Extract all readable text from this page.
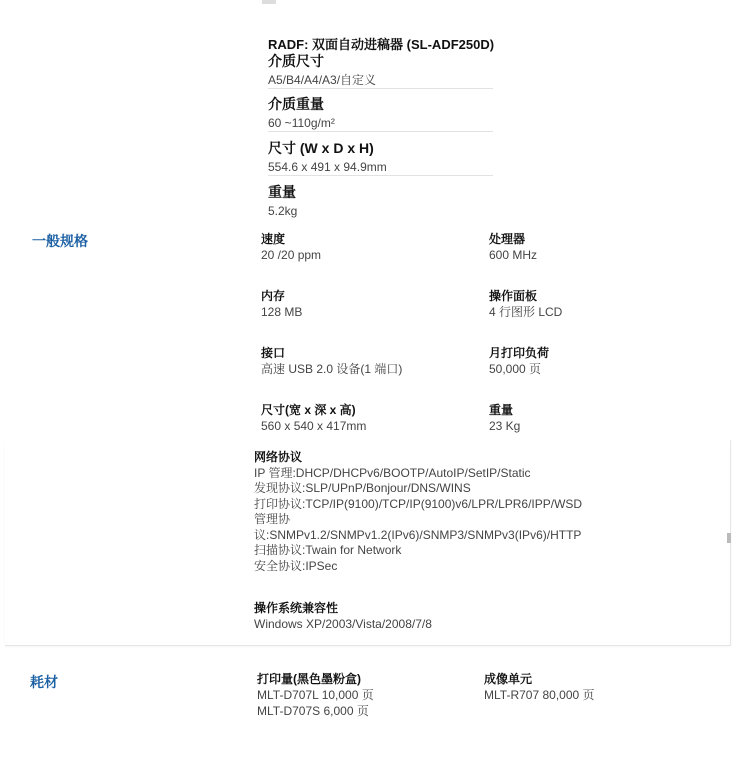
RADF: 双面自动进稿器 (SL-ADF250D)
介质尺寸
A5/B4/A4/A3/自定义
介质重量
60 ~110g/m²
尺寸 (W x D x H)
554.6 x 491 x 94.9mm
重量
5.2kg
一般规格	速度
20 /20 ppm
处理器
600 MHz
内存
128 MB
操作面板
4 行图形 LCD
接口
高速 USB 2.0 设备(1 端口)
月打印负荷
50,000 页
尺寸(宽 x 深 x 高)
560 x 540 x 417mm
重量
23 Kg
网络协议
IP 管理:DHCP/DHCPv6/BOOTP/AutoIP/SetIP/Static
发现协议:SLP/UPnP/Bonjour/DNS/WINS
打印协议:TCP/IP(9100)/TCP/IP(9100)v6/LPR/LPR6/IPP/WSD
管理协
议:SNMPv1.2/SNMPv1.2(IPv6)/SNMP3/SNMPv3(IPv6)/HTTP
扫描协议:Twain for Network
安全协议:IPSec
操作系统兼容性
Windows XP/2003/Vista/2008/7/8
耗材	打印量(黑色墨粉盒)
MLT-D707L 10,000 页
MLT-D707S 6,000 页
成像单元
MLT-R707 80,000 页
